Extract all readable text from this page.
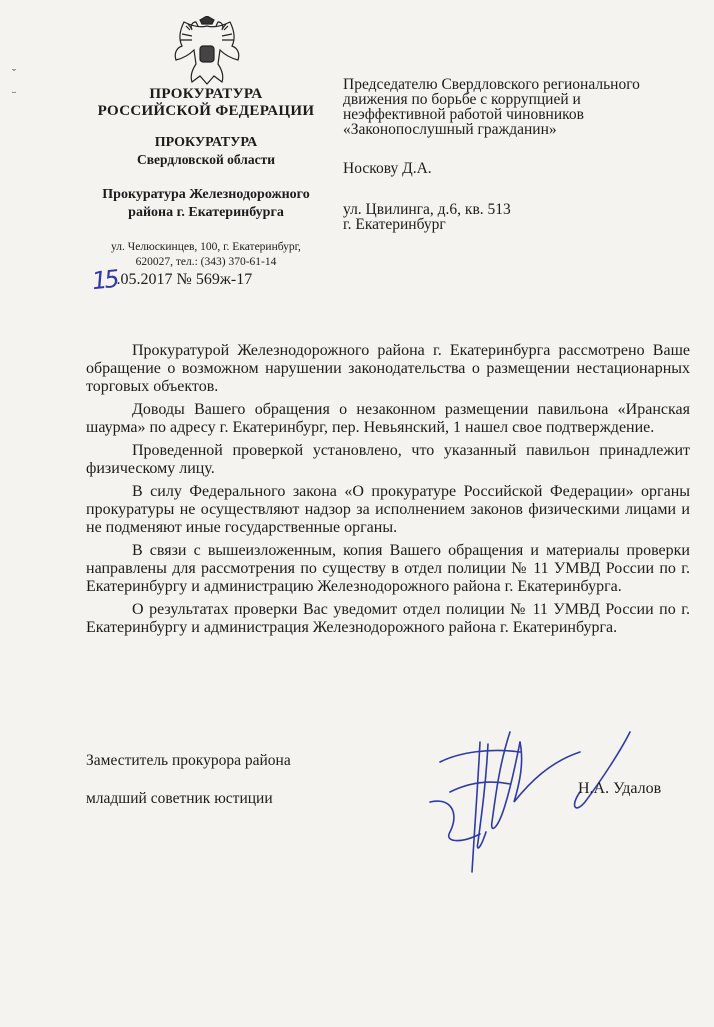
ПРОКУРАТУРА
РОССИЙСКОЙ ФЕДЕРАЦИИ
ПРОКУРАТУРА
Свердловской области
Прокуратура Железнодорожного
района г. Екатеринбурга
ул. Челюскинцев, 100, г. Екатеринбург,
620027, тел.: (343) 370-61-14
15.05.2017 № 569ж-17
Председателю Свердловского регионального
движения по борьбе с коррупцией и
неэффективной работой чиновников
«Законопослушный гражданин»
Носкову Д.А.
ул. Цвилинга, д.6, кв. 513
г. Екатеринбург

Прокуратурой Железнодорожного района г. Екатеринбурга рассмотрено Ваше обращение о возможном нарушении законодательства о размещении нестационарных торговых объектов.

Доводы Вашего обращения о незаконном размещении павильона «Иранская шаурма» по адресу г. Екатеринбург, пер. Невьянский, 1 нашел свое подтверждение.

Проведенной проверкой установлено, что указанный павильон принадлежит физическому лицу.

В силу Федерального закона «О прокуратуре Российской Федерации» органы прокуратуры не осуществляют надзор за исполнением законов физическими лицами и не подменяют иные государственные органы.

В связи с вышеизложенным, копия Вашего обращения и материалы проверки направлены для рассмотрения по существу в отдел полиции № 11 УМВД России по г. Екатеринбургу и администрацию Железнодорожного района г. Екатеринбурга.

О результатах проверки Вас уведомит отдел полиции № 11 УМВД России по г. Екатеринбургу и администрация Железнодорожного района г. Екатеринбурга.

Заместитель прокурора района
младший советник юстиции
Н.А. Удалов
˘
¨
